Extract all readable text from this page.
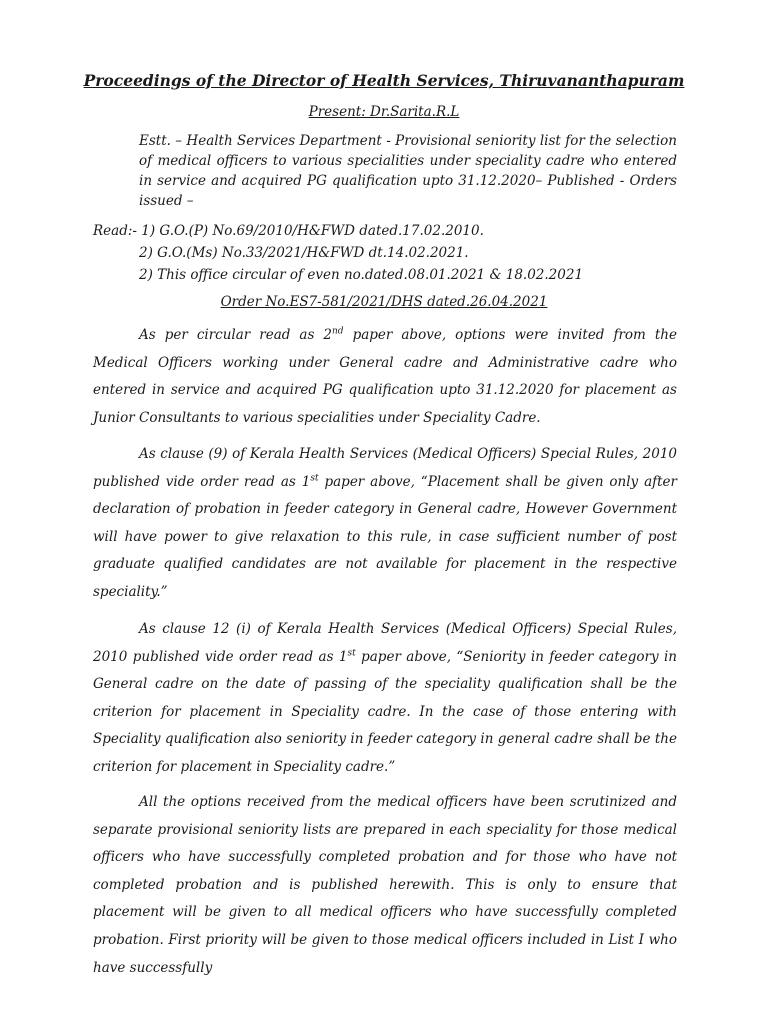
Proceedings of the Director of Health Services, Thiruvananthapuram
Present: Dr.Sarita.R.L
Estt. – Health Services Department - Provisional seniority list for the selection of medical officers to various specialities under speciality cadre who entered in service and acquired PG qualification upto 31.12.2020– Published - Orders issued –
Read:- 1) G.O.(P) No.69/2010/H&FWD dated.17.02.2010.
2) G.O.(Ms) No.33/2021/H&FWD dt.14.02.2021.
2) This office circular of even no.dated.08.01.2021 & 18.02.2021
Order No.ES7-581/2021/DHS dated.26.04.2021

As per circular read as 2nd paper above, options were invited from the Medical Officers working under General cadre and Administrative cadre who entered in service and acquired PG qualification upto 31.12.2020 for placement as Junior Consultants to various specialities under Speciality Cadre.

As clause (9) of Kerala Health Services (Medical Officers) Special Rules, 2010 published vide order read as 1st paper above, “Placement shall be given only after declaration of probation in feeder category in General cadre, However Government will have power to give relaxation to this rule, in case sufficient number of post graduate qualified candidates are not available for placement in the respective speciality.”

As clause 12 (i) of Kerala Health Services (Medical Officers) Special Rules, 2010 published vide order read as 1st paper above, “Seniority in feeder category in General cadre on the date of passing of the speciality qualification shall be the criterion for placement in Speciality cadre. In the case of those entering with Speciality qualification also seniority in feeder category in general cadre shall be the criterion for placement in Speciality cadre.”

All the options received from the medical officers have been scrutinized and separate provisional seniority lists are prepared in each speciality for those medical officers who have successfully completed probation and for those who have not completed probation and is published herewith. This is only to ensure that placement will be given to all medical officers who have successfully completed probation. First priority will be given to those medical officers included in List I who have successfully
